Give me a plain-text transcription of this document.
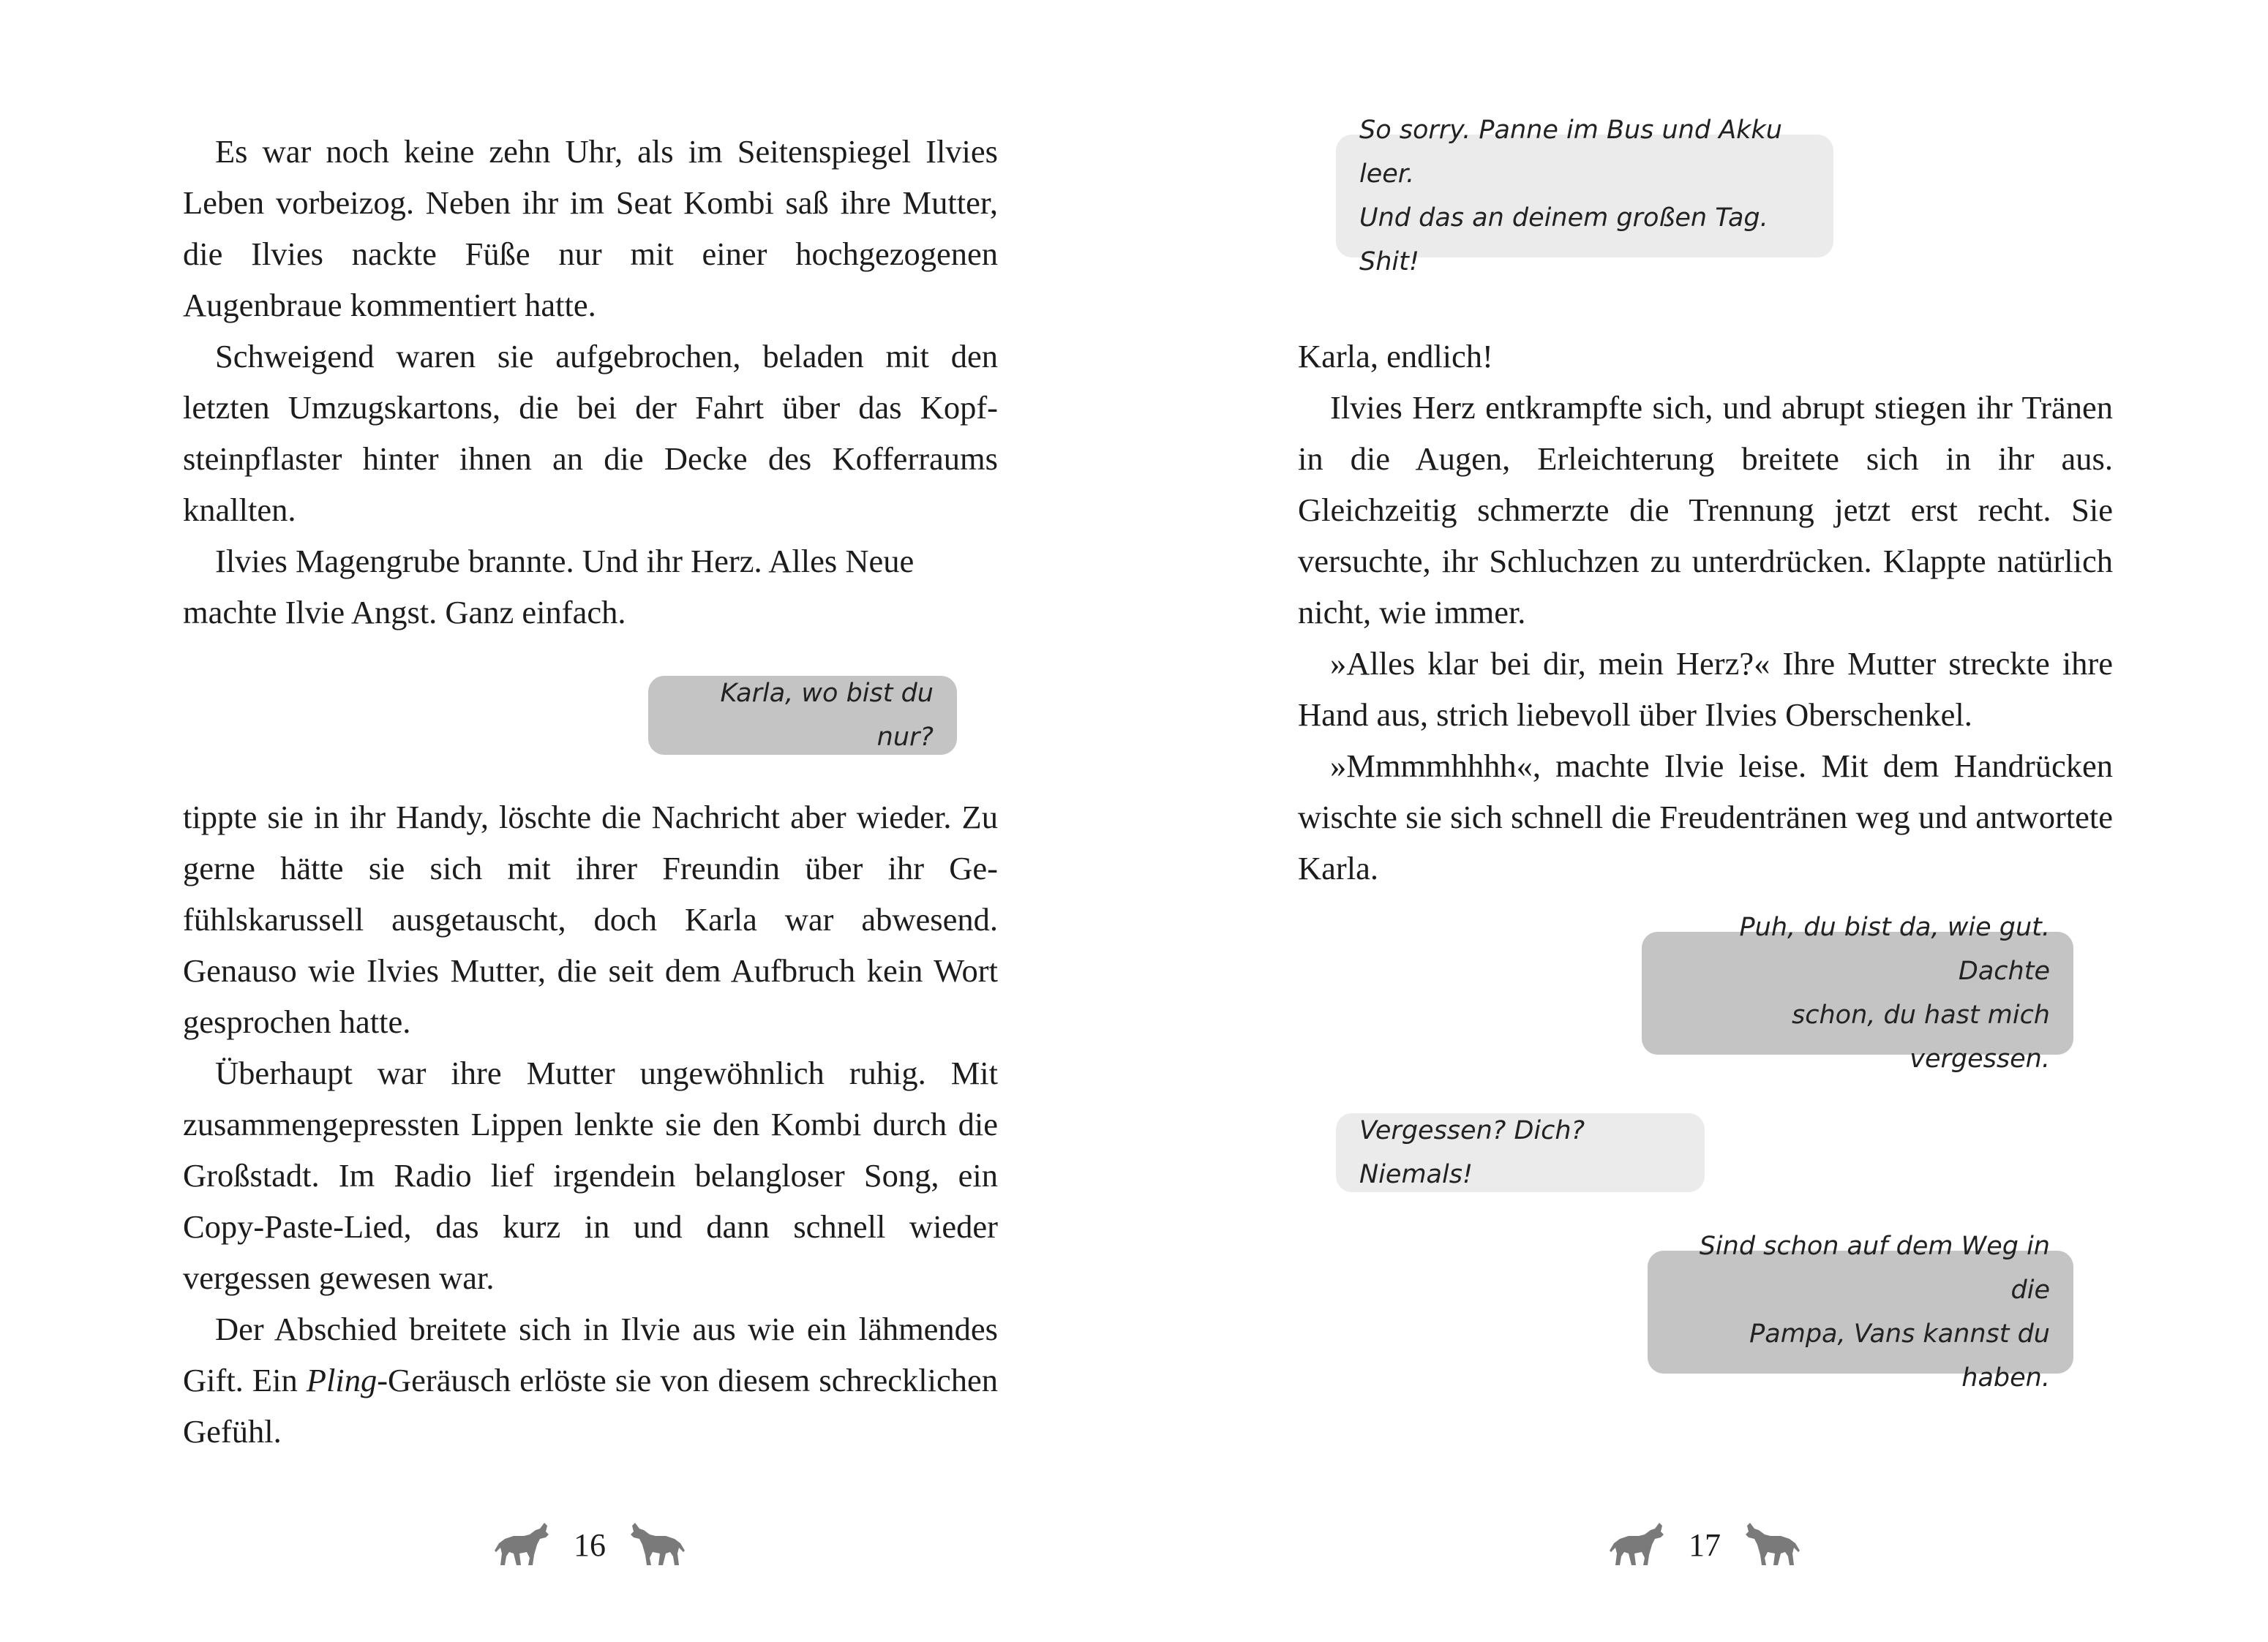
Es war noch keine zehn Uhr, als im Seitenspiegel Ilvies Leben vorbeizog. Neben ihr im Seat Kombi saß ihre Mutter, die Ilvies nackte Füße nur mit einer hochgezogenen Augenbraue kommentiert hatte.

Schweigend waren sie aufgebrochen, beladen mit den letzten Umzugskartons, die bei der Fahrt über das Kopfsteinpflaster hinter ihnen an die Decke des Kofferraums knallten.

Ilvies Magengrube brannte. Und ihr Herz. Alles Neue machte Ilvie Angst. Ganz einfach.

Karla, wo bist du nur?

tippte sie in ihr Handy, löschte die Nachricht aber wieder. Zu gerne hätte sie sich mit ihrer Freundin über ihr Gefühlskarussell ausgetauscht, doch Karla war abwesend. Genauso wie Ilvies Mutter, die seit dem Aufbruch kein Wort gesprochen hatte.

Überhaupt war ihre Mutter ungewöhnlich ruhig. Mit zusammengepressten Lippen lenkte sie den Kombi durch die Großstadt. Im Radio lief irgendein belangloser Song, ein Copy-Paste-Lied, das kurz in und dann schnell wieder vergessen gewesen war.

Der Abschied breitete sich in Ilvie aus wie ein lähmendes Gift. Ein Pling-Geräusch erlöste sie von diesem schrecklichen Gefühl.

16
So sorry. Panne im Bus und Akku leer.
Und das an deinem großen Tag. Shit!

Karla, endlich!

Ilvies Herz entkrampfte sich, und abrupt stiegen ihr Tränen in die Augen, Erleichterung breitete sich in ihr aus. Gleichzeitig schmerzte die Trennung jetzt erst recht. Sie versuchte, ihr Schluchzen zu unterdrücken. Klappte natürlich nicht, wie immer.

»Alles klar bei dir, mein Herz?« Ihre Mutter streckte ihre Hand aus, strich liebevoll über Ilvies Oberschenkel.

»Mmmmhhhh«, machte Ilvie leise. Mit dem Handrücken wischte sie sich schnell die Freudentränen weg und antwortete Karla.

Puh, du bist da, wie gut. Dachte
schon, du hast mich vergessen.
Vergessen? Dich? Niemals!
Sind schon auf dem Weg in die
Pampa, Vans kannst du haben.
17
